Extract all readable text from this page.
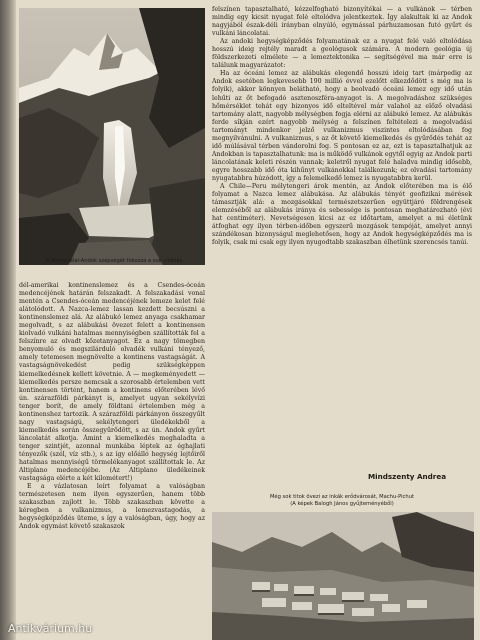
A Venezuelai-Andok szépségét fokozza a sok vízesés

felszínen tapasztalható, kézzelfogható bizonyítékai — a vulkánok — térben mindig egy kicsit nyugat felé eltolódva jelentkeztek. Így alakultak ki az Andok nagyjából észak-déli irányban elnyúló, egymással párhuzamosan futó gyűrt és vulkáni láncolatai.

Az andoki hegységképződés folyamatának ez a nyugat felé való eltolódása hosszú ideig rejtély maradt a geológusok számára. A modern geológia új földszerkezeti elmélete — a lemeztektonika — segítségével ma már erre is találunk magyarázatot:

Ha az óceáni lemez az alábukás elegendő hosszú ideig tart (márpedig az Andok esetében legkevesebb 190 millió évvel ezelőtt elkezdődött s még ma is folyik), akkor könnyen belátható, hogy a beolvadó óceáni lemez egy idő után lehűti az őt befogadó asztenoszféra-anyagot is. A megolvadáshoz szükséges hőmérséklet tehát egy bizonyos idő elteltével már valahol az előző olvadási tartomány alatt, nagyobb mélységben fogja elérni az alábukó lemez. Az alábukás ferde síkján ezért nagyobb mélység a felszínen feltételezi a megolvadási tartományt mindenkor jelző vulkanizmus viszintes eltolódásában fog megnyilvánulni. A vulkanizmus, s az őt követő kiemelkedés és gyűrődés tehát az idő múlásával térben vándorolni fog. S pontosan ez az, ezt is tapasztalhatjuk az Andokban is tapasztalhatunk: ma is működő vulkánok egytől egyig az Andok parti láncolatának keleti részén vannak; keletről nyugat felé haladva mindig idősebb, egyre hosszabb idő óta kihűnyt vulkánokkal találkozunk; ez olvadási tartomány nyugatabbra húzódott, így a felemelkedő lemez is nyugatabbra kerül.

A Chile—Peru mélytengeri árok mentén, az Andok előterében ma is élő folyamat a Nazca lemez alábukása. Az alábukás tényét geofizikai mérések támasztják alá: a mozgásokkal természetszerűen együttjáró földrengések elemzéséből az alábukás iránya és sebessége is pontosan meghatározható (évi hat centiméter). Nevetségesen kicsi az ez időtartam, amelyet a mi életünk átfoghat egy ilyen térben-időben egyszerű mozgások tempóját, amelyet annyi szándékosan bizonyságul meglehetősen, hogy az Andok hegységképződés ma is folyik, csak mi csak egy ilyen nyugodtabb szakaszban élhetünk szerencsés tanúi.

Mindszenty Andrea

dél-amerikai kontinenslemez és a Csendes-óceán medencéjének határán felszakadt. A felszakadási vonal mentén a Csendes-óceán medencéjének lemeze kelet felé alátolódott. A Nazca-lemez lassan kezdett becsúszni a kontinenslemez alá. Az alábukó lemez anyaga csakhamar megolvadt, s az alábukási övezet felett a kontinensen kiolvadó vulkáni hatalmas mennyiségben szállították fel a felszínre az olvadt kőzetanyagot. Ez a nagy tömegben benyomuló és megszilárduló olvadék vulkáni tényező, amely tetemesen megnövelte a kontinens vastagságát. A vastagságnövekedést pedig szükségképpen kiemelkedésnek kellett követnie. A — megkeményedett — kiemelkedés persze nemcsak a szorosabb értelemben vett kontinensen történt, hanem a kontinens előterében lévő ún. szárazföldi párkányt is, amelyet ugyan sekélyvízi tenger borít, de amely földtani értelemben még a kontinenshez tartozik. A szárazföldi párkányon összegyűlt nagy vastagságú, sekélytengeri üledékekből a kiemelkedés során összegyűrődött, s az ún. Andok gyűrt láncolatát alkotja. Ámint a kiemelkedés meghaladta a tenger szintjét, azonnal munkába léptek az éghajlati tényezők (szél, víz stb.), s az így előálló hegység lejtőiről hatalmas mennyiségű törmelékanyagot szállítottak le. Az Altiplano medencéjébe. (Az Altiplano üledékeinek vastagsága elérte a két kilométert!)

E a vázlatosan leírt folyamat a valóságban természetesen nem ilyen egyszerűen, hanem több szakaszban zajlott le. Több szakaszban követte a kéregben a vulkanizmus, a lemezvastagodás, a hegységképződés üteme, s így a valóságban, úgy, hogy az Andok egymást követő szakaszok

Még sok titok övezi az inkák erődvárosát, Machu-Pichut
(A képek Balogh János gyűjteményéből)
Antikvárium.hu
